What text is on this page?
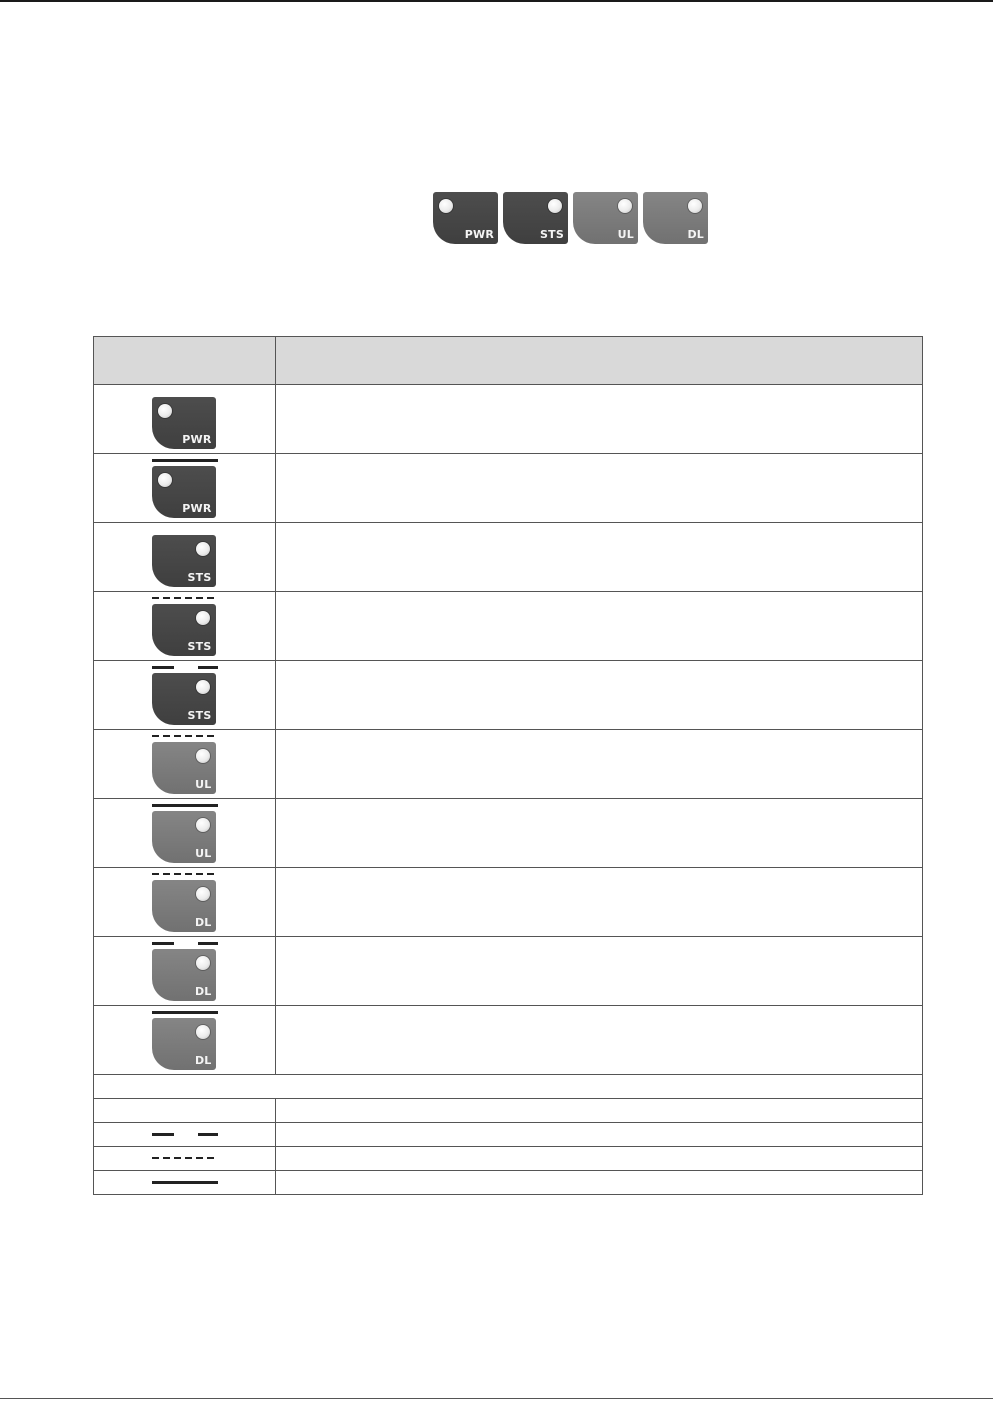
PWR	STS	UL	DL

PWR	

PWR	

STS	

STS	

STS	

UL	

UL	

DL	

DL	

DL	
